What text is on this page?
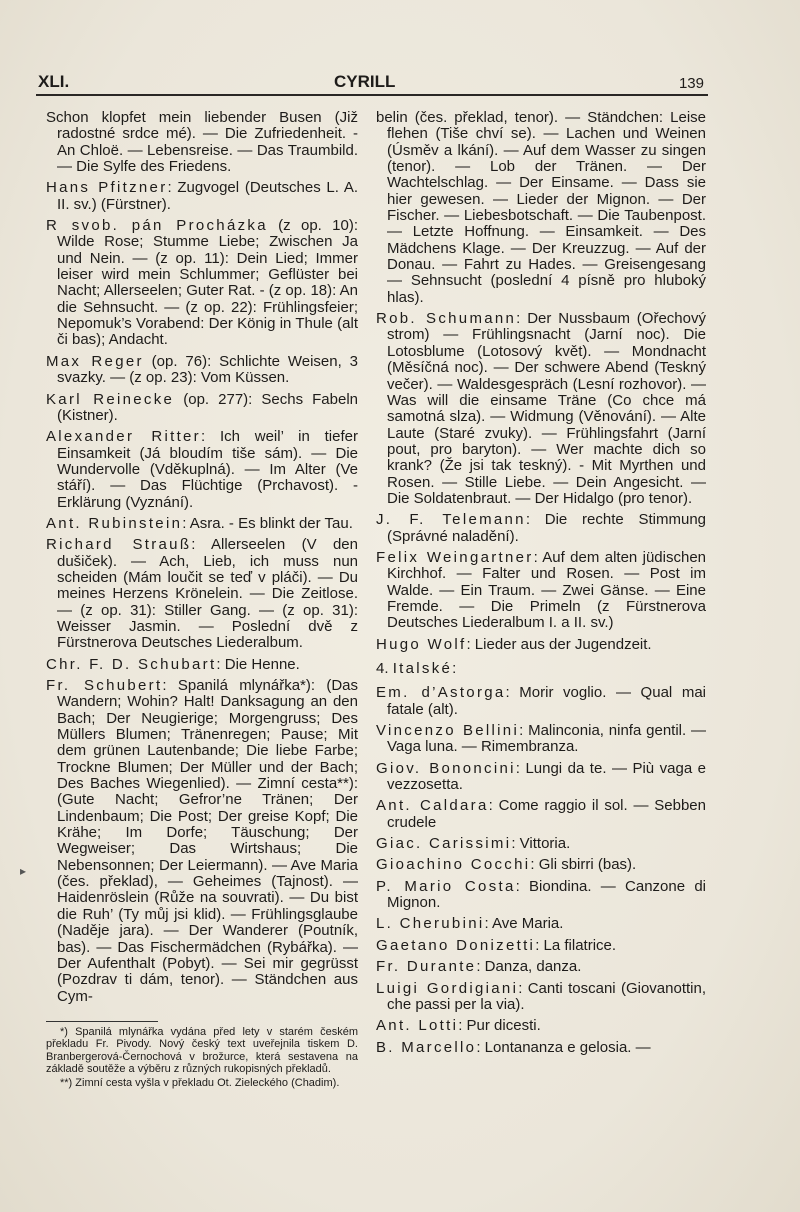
XLI.	CYRILL	139

Schon klopfet mein liebender Busen (Již radostné srdce mé). — Die Zufriedenheit. - An Chloë. — Lebensreise. — Das Traumbild. — Die Sylfe des Friedens.

Hans Pfitzner: Zugvogel (Deutsches L. A. II. sv.) (Fürstner).

R svob. pán Procházka (z op. 10): Wilde Rose; Stumme Liebe; Zwischen Ja und Nein. — (z op. 11): Dein Lied; Immer leiser wird mein Schlummer; Geflüster bei Nacht; Allerseelen; Guter Rat. - (z op. 18): An die Sehnsucht. — (z op. 22): Frühlingsfeier; Nepomuk’s Vorabend: Der König in Thule (alt či bas); Andacht.

Max Reger (op. 76): Schlichte Weisen, 3 svazky. — (z op. 23): Vom Küssen.

Karl Reinecke (op. 277): Sechs Fabeln (Kistner).

Alexander Ritter: Ich weil’ in tiefer Einsamkeit (Já bloudím tiše sám). — Die Wundervolle (Vděkuplná). — Im Alter (Ve stáří). — Das Flüchtige (Prchavost). - Erklärung (Vyznání).

Ant. Rubinstein: Asra. - Es blinkt der Tau.

Richard Strauß: Allerseelen (V den dušiček). — Ach, Lieb, ich muss nun scheiden (Mám loučit se teď v pláči). — Du meines Herzens Krönelein. — Die Zeitlose. — (z op. 31): Stiller Gang. — (z op. 31): Weisser Jasmin. — Poslední dvě z Fürstnerova Deutsches Liederalbum.

Chr. F. D. Schubart: Die Henne.

Fr. Schubert: Spanilá mlynářka*): (Das Wandern; Wohin? Halt! Danksagung an den Bach; Der Neugierige; Morgengruss; Des Müllers Blumen; Tränenregen; Pause; Mit dem grünen Lautenbande; Die liebe Farbe; Trockne Blumen; Der Müller und der Bach; Des Baches Wiegenlied). — Zimní cesta**): (Gute Nacht; Gefror’ne Tränen; Der Lindenbaum; Die Post; Der greise Kopf; Die Krähe; Im Dorfe; Täuschung; Der Wegweiser; Das Wirtshaus; Die Nebensonnen; Der Leiermann). — Ave Maria (čes. překlad), — Geheimes (Tajnost). — Haidenröslein (Růže na souvrati). — Du bist die Ruh’ (Ty můj jsi klid). — Frühlingsglaube (Naděje jara). — Der Wanderer (Poutník, bas). — Das Fischermädchen (Rybářka). — Der Aufenthalt (Pobyt). — Sei mir gegrüsst (Pozdrav ti dám, tenor). — Ständchen aus Cym-

▸

*) Spanilá mlynářka vydána před lety v starém českém překladu Fr. Pivody. Nový český text uveřejnila tiskem D. Branbergerová-Černochová v brožurce, která sestavena na základě soutěže a výběru z různých rukopisných překladů.

**) Zimní cesta vyšla v překladu Ot. Zieleckého (Chadim).

belin (čes. překlad, tenor). — Ständchen: Leise flehen (Tiše chví se). — Lachen und Weinen (Úsměv a lkání). — Auf dem Wasser zu singen (tenor). — Lob der Tränen. — Der Wachtelschlag. — Der Einsame. — Dass sie hier gewesen. — Lieder der Mignon. — Der Fischer. — Liebesbotschaft. — Die Taubenpost. — Letzte Hoffnung. — Einsamkeit. — Des Mädchens Klage. — Der Kreuzzug. — Auf der Donau. — Fahrt zu Hades. — Greisengesang — Sehnsucht (poslední 4 písně pro hluboký hlas).

Rob. Schumann: Der Nussbaum (Ořechový strom) — Frühlingsnacht (Jarní noc). Die Lotosblume (Lotosový květ). — Mondnacht (Měsíčná noc). — Der schwere Abend (Teskný večer). — Waldesgespräch (Lesní rozhovor). — Was will die einsame Träne (Co chce má samotná slza). — Widmung (Věnování). — Alte Laute (Staré zvuky). — Frühlingsfahrt (Jarní pout, pro baryton). — Wer machte dich so krank? (Že jsi tak teskný). - Mit Myrthen und Rosen. — Stille Liebe. — Dein Angesicht. — Die Soldatenbraut. — Der Hidalgo (pro tenor).

J. F. Telemann: Die rechte Stimmung (Správné naladění).

Felix Weingartner: Auf dem alten jüdischen Kirchhof. — Falter und Rosen. — Post im Walde. — Ein Traum. — Zwei Gänse. — Eine Fremde. — Die Primeln (z Fürstnerova Deutsches Liederalbum I. a II. sv.)

Hugo Wolf: Lieder aus der Jugendzeit.

4. Italské:

Em. d’Astorga: Morir voglio. — Qual mai fatale (alt).

Vincenzo Bellini: Malinconia, ninfa gentil. — Vaga luna. — Rimembranza.

Giov. Bononcini: Lungi da te. — Più vaga e vezzosetta.

Ant. Caldara: Come raggio il sol. — Sebben crudele

Giac. Carissimi: Vittoria.

Gioachino Cocchi: Gli sbirri (bas).

P. Mario Costa: Biondina. — Canzone di Mignon.

L. Cherubini: Ave Maria.

Gaetano Donizetti: La filatrice.

Fr. Durante: Danza, danza.

Luigi Gordigiani: Canti toscani (Giovanottin, che passi per la via).

Ant. Lotti: Pur dicesti.

B. Marcello: Lontananza e gelosia. —
